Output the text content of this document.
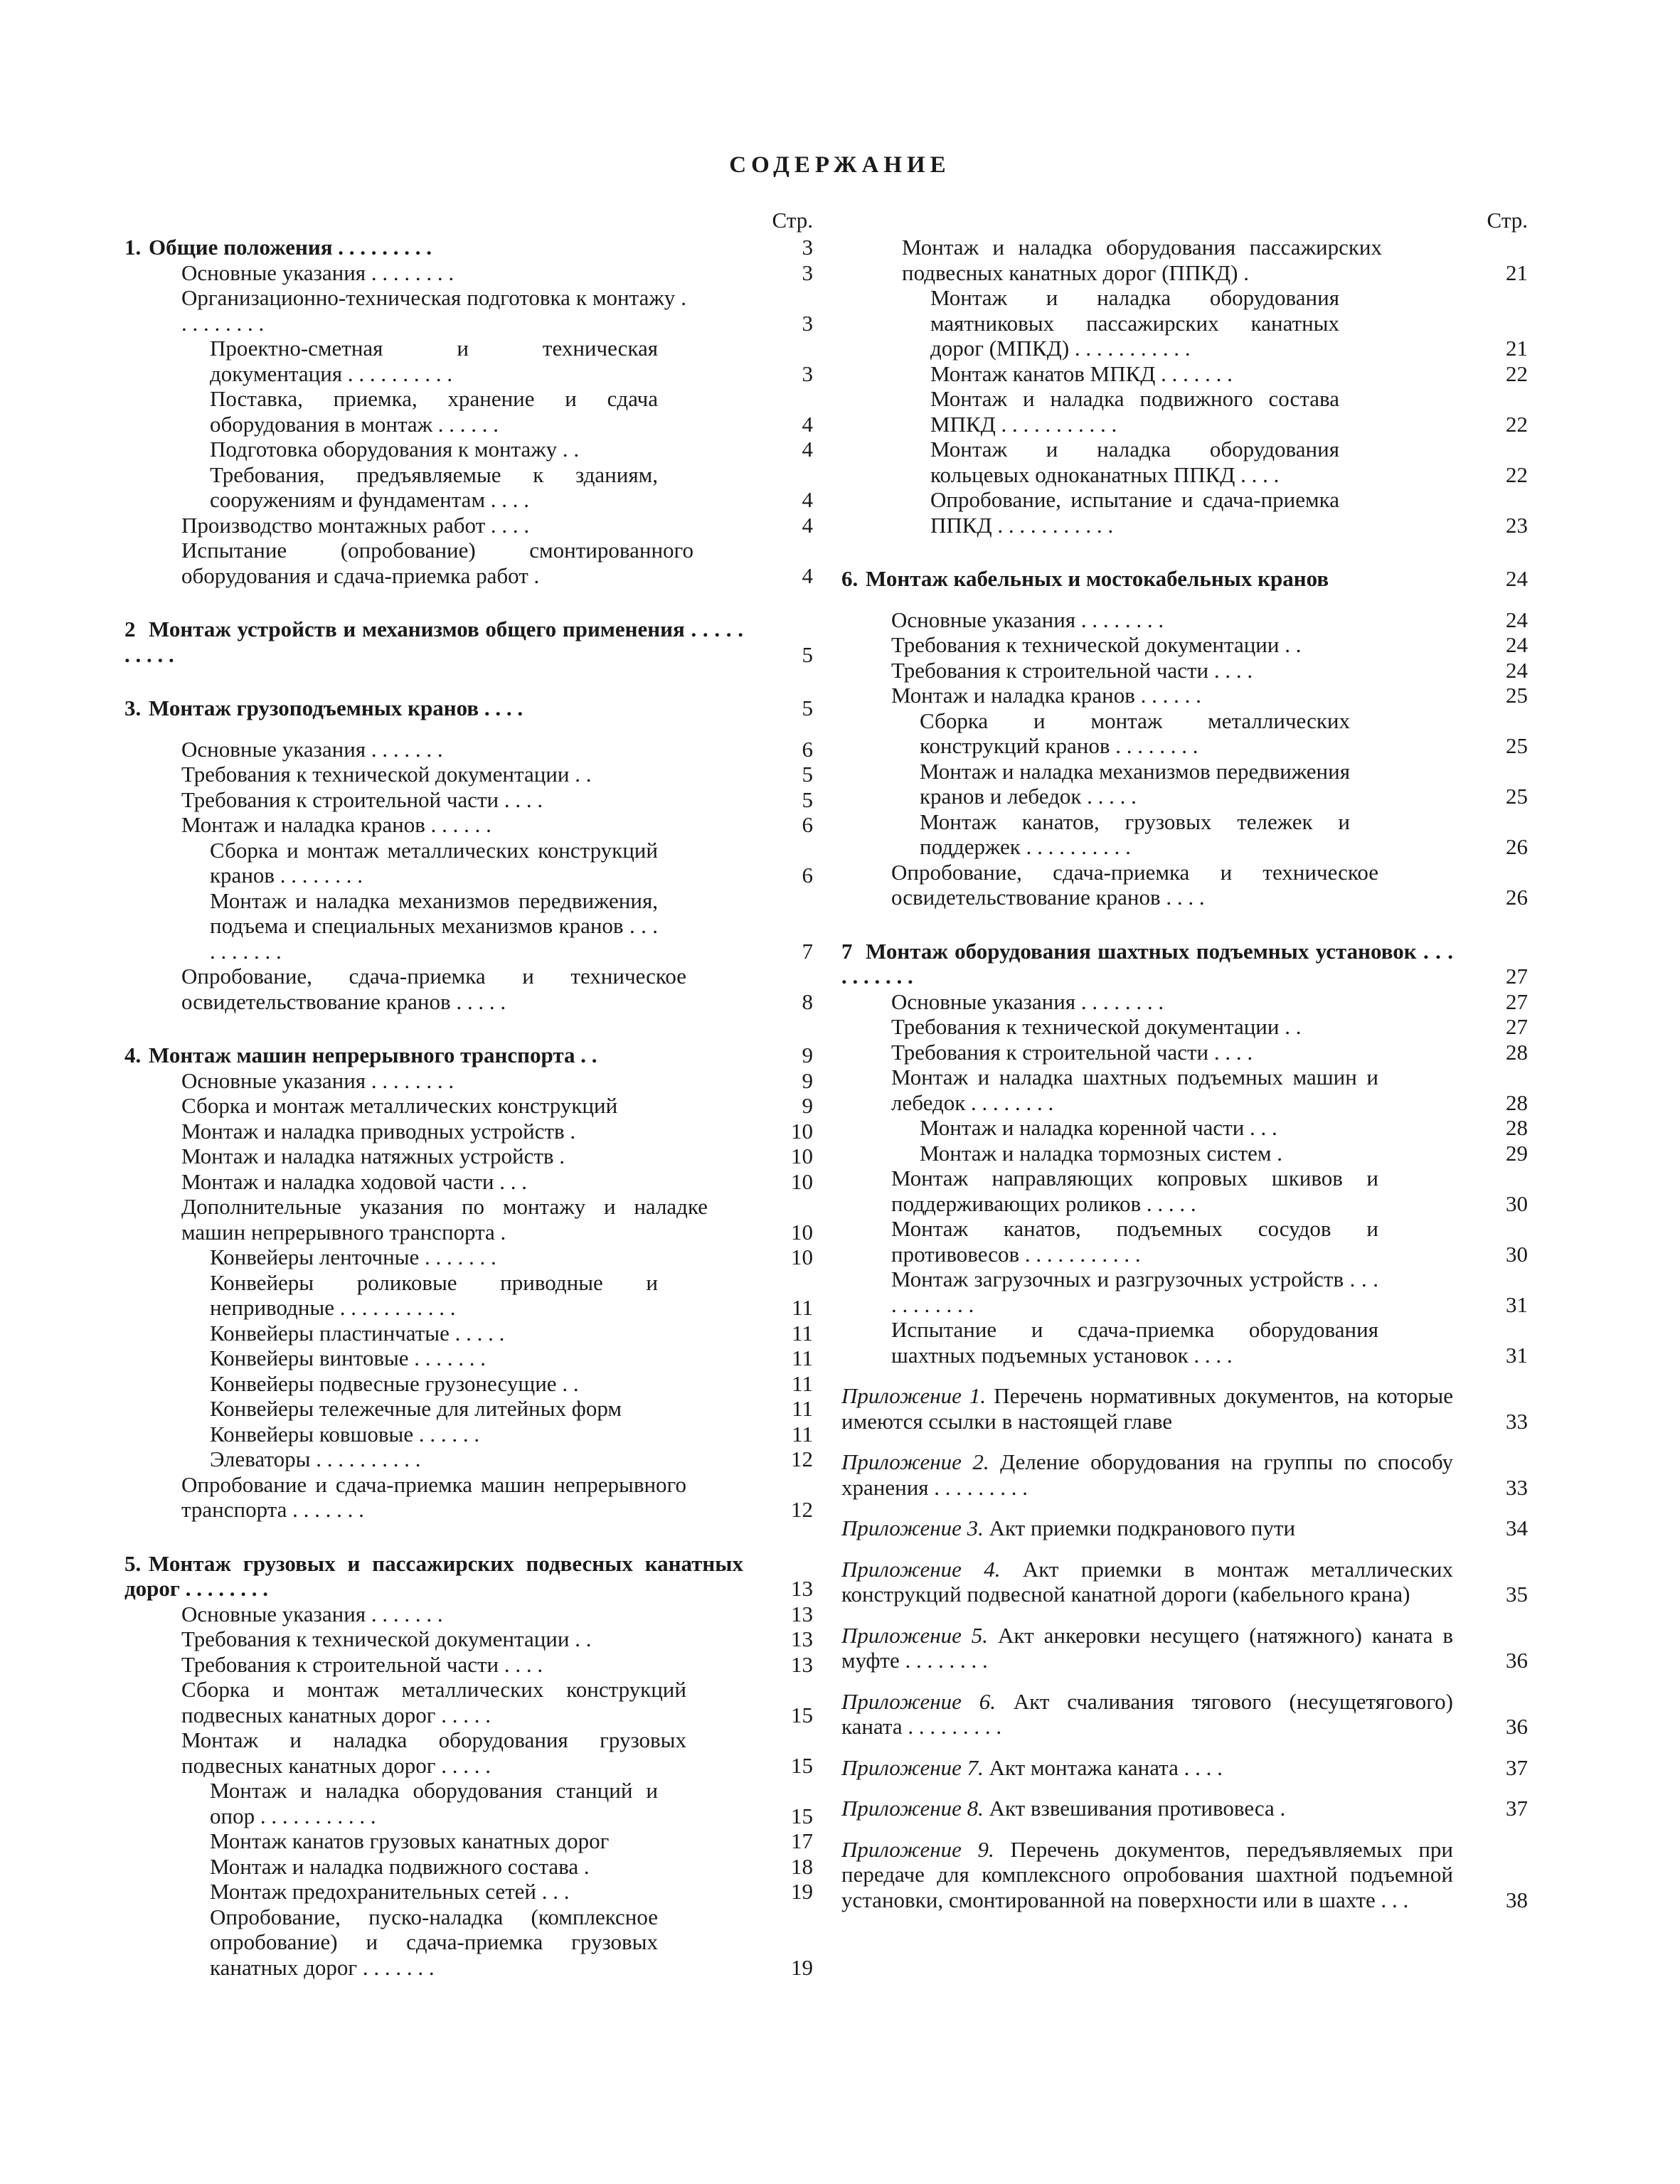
СОДЕРЖАНИЕ
Стр.
1.Общие положения . . . . . . . . .	3
Основные указания . . . . . . . .	3
Организационно-техническая подготовка к монтажу . . . . . . . . .	3
Проектно-сметная и техническая документация . . . . . . . . . .	3
Поставка, приемка, хранение и сдача оборудования в монтаж . . . . . .	4
Подготовка оборудования к монтажу . .	4
Требования, предъявляемые к зданиям, сооружениям и фундаментам . . . .	4
Производство монтажных работ . . . .	4
Испытание (опробование) смонтированного оборудования и сдача-приемка работ .	4
2Монтаж устройств и механизмов общего применения . . . . . . . . . .	5
3.Монтаж грузоподъемных кранов . . . .	5
Основные указания . . . . . . .	6
Требования к технической документации . .	5
Требования к строительной части . . . .	5
Монтаж и наладка кранов . . . . . .	6
Сборка и монтаж металлических конструкций кранов . . . . . . . .	6
Монтаж и наладка механизмов передвижения, подъема и специальных механизмов кранов . . . . . . . . . .	7
Опробование, сдача-приемка и техническое освидетельствование кранов . . . . .	8
4.Монтаж машин непрерывного транспорта . .	9
Основные указания . . . . . . . .	9
Сборка и монтаж металлических конструкций	9
Монтаж и наладка приводных устройств .	10
Монтаж и наладка натяжных устройств .	10
Монтаж и наладка ходовой части . . .	10
Дополнительные указания по монтажу и наладке машин непрерывного транспорта .	10
Конвейеры ленточные . . . . . . .	10
Конвейеры роликовые приводные и неприводные . . . . . . . . . . .	11
Конвейеры пластинчатые . . . . .	11
Конвейеры винтовые . . . . . . .	11
Конвейеры подвесные грузонесущие . .	11
Конвейеры тележечные для литейных форм	11
Конвейеры ковшовые . . . . . .	11
Элеваторы . . . . . . . . . .	12
Опробование и сдача-приемка машин непрерывного транспорта . . . . . . .	12
5.Монтаж грузовых и пассажирских подвесных канатных дорог . . . . . . . .	13
Основные указания . . . . . . .	13
Требования к технической документации . .	13
Требования к строительной части . . . .	13
Сборка и монтаж металлических конструкций подвесных канатных дорог . . . . .	15
Монтаж и наладка оборудования грузовых подвесных канатных дорог . . . . .	15
Монтаж и наладка оборудования станций и опор . . . . . . . . . . .	15
Монтаж канатов грузовых канатных дорог	17
Монтаж и наладка подвижного состава .	18
Монтаж предохранительных сетей . . .	19
Опробование, пуско-наладка (комплексное опробование) и сдача-приемка грузовых канатных дорог . . . . . . .	19
Стр.
Монтаж и наладка оборудования пассажирских подвесных канатных дорог (ППКД) .	21
Монтаж и наладка оборудования маятниковых пассажирских канатных дорог (МПКД) . . . . . . . . . . .	21
Монтаж канатов МПКД . . . . . . .	22
Монтаж и наладка подвижного состава МПКД . . . . . . . . . . .	22
Монтаж и наладка оборудования кольцевых одноканатных ППКД . . . .	22
Опробование, испытание и сдача-приемка ППКД . . . . . . . . . . .	23
6.Монтаж кабельных и мостокабельных кранов	24
Основные указания . . . . . . . .	24
Требования к технической документации . .	24
Требования к строительной части . . . .	24
Монтаж и наладка кранов . . . . . .	25
Сборка и монтаж металлических конструкций кранов . . . . . . . .	25
Монтаж и наладка механизмов передвижения кранов и лебедок . . . . .	25
Монтаж канатов, грузовых тележек и поддержек . . . . . . . . . .	26
Опробование, сдача-приемка и техническое освидетельствование кранов . . . .	26
7Монтаж оборудования шахтных подъемных установок . . . . . . . . . .	27
Основные указания . . . . . . . .	27
Требования к технической документации . .	27
Требования к строительной части . . . .	28
Монтаж и наладка шахтных подъемных машин и лебедок . . . . . . . .	28
Монтаж и наладка коренной части . . .	28
Монтаж и наладка тормозных систем .	29
Монтаж направляющих копровых шкивов и поддерживающих роликов . . . . .	30
Монтаж канатов, подъемных сосудов и противовесов . . . . . . . . . . .	30
Монтаж загрузочных и разгрузочных устройств . . . . . . . . . . .	31
Испытание и сдача-приемка оборудования шахтных подъемных установок . . . .	31
Приложение 1. Перечень нормативных документов, на которые имеются ссылки в настоящей главе	33
Приложение 2. Деление оборудования на группы по способу хранения . . . . . . . . .	33
Приложение 3. Акт приемки подкранового пути	34
Приложение 4. Акт приемки в монтаж металлических конструкций подвесной канатной дороги (кабельного крана)	35
Приложение 5. Акт анкеровки несущего (натяжного) каната в муфте . . . . . . . .	36
Приложение 6. Акт счаливания тягового (несущетягового) каната . . . . . . . . .	36
Приложение 7. Акт монтажа каната . . . .	37
Приложение 8. Акт взвешивания противовеса .	37
Приложение 9. Перечень документов, передъявляемых при передаче для комплексного опробования шахтной подъемной установки, смонтированной на поверхности или в шахте . . .	38
